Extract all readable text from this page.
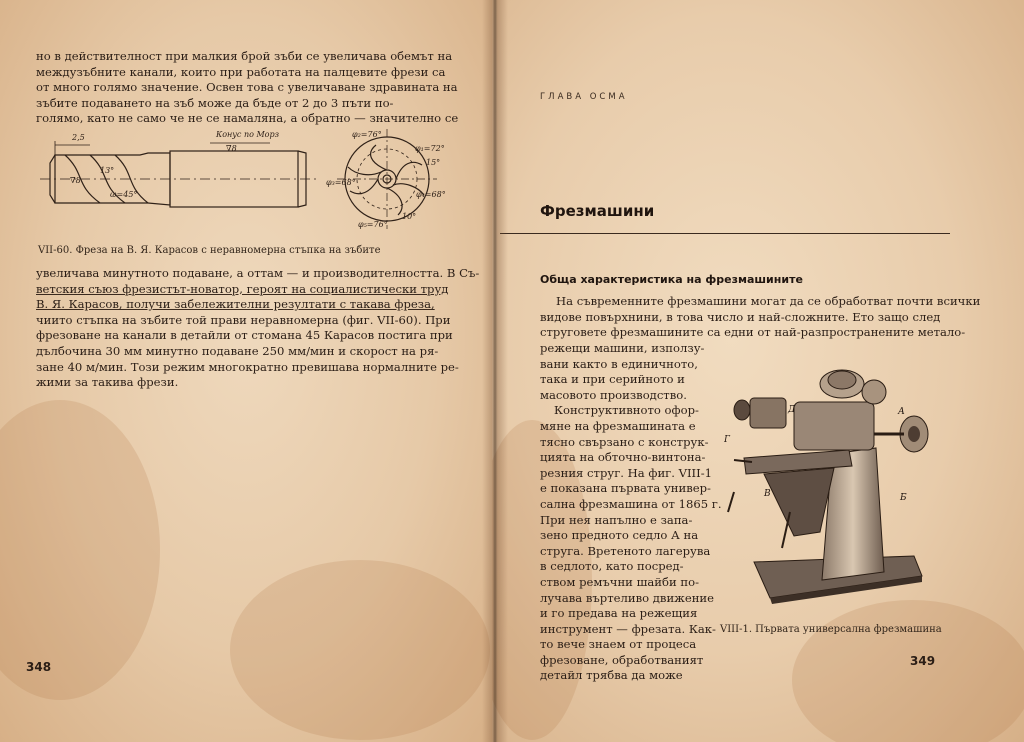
но в действителност при малкия брой зъби се увеличава обемът на
междузъбните канали, които при работата на палцевите фрези са
от много голямо значение. Освен това с увеличаване здравината на
зъбите подаването на зъб може да бъде от 2 до 3 пъти по-
голямо, като не само че не се намаляна, а обратно — значително се
2,5	Конус по Морз
∇8
13°
∇8
ω=45°
φ₂=76°
φ₁=72°
15°
φ₄=68°
φ₃=68°
φ₅=76°
10°
VII-60. Фреза на В. Я. Карасов с неравномерна стъпка на зъбите
увеличава минутното подаване, а оттам — и производителността. В Съ-
ветския съюз фрезистът-новатор, героят на социалистически труд
В. Я. Карасов, получи забележителни резултати с такава фреза,
чиито стъпка на зъбите той прави неравномерна (фиг. VII-60). При
фрезоване на канали в детайли от стомана 45 Карасов постига при
дълбочина 30 мм минутно подаване 250 мм/мин и скорост на ря-
зане 40 м/мин. Този режим многократно превишава нормалните ре-
жими за такива фрези.
348
ГЛАВА ОСМА
Фрезмашини
Обща характеристика на фрезмашините
На съвременните фрезмашини могат да се обработват почти всички
видове повърхнини, в това число и най-сложните. Ето защо след
струговете фрезмашините са едни от най-разпространените метало-
режещи машини, използу-
вани както в единичното,
така и при серийното и
масовото производство.
Конструктивното офор-
мяне на фрезмашината е
тясно свързано с конструк-
цията на обточно-винтона-
резния струг. На фиг. VIII-1
е показана първата универ-
сална фрезмашина от 1865 г.
При нея напълно е запа-
зено предното седло А на
струга. Вретеното лагерува
в седлото, като посред-
ством ремъчни шайби по-
лучава въртеливо движение
и го предава на режещия
инструмент — фрезата. Как-
то вече знаем от процеса
фрезоване, обработваният
детайл трябва да може
А
Б
В
Г
Д
VIII-1. Първата универсална фрезмашина
349
